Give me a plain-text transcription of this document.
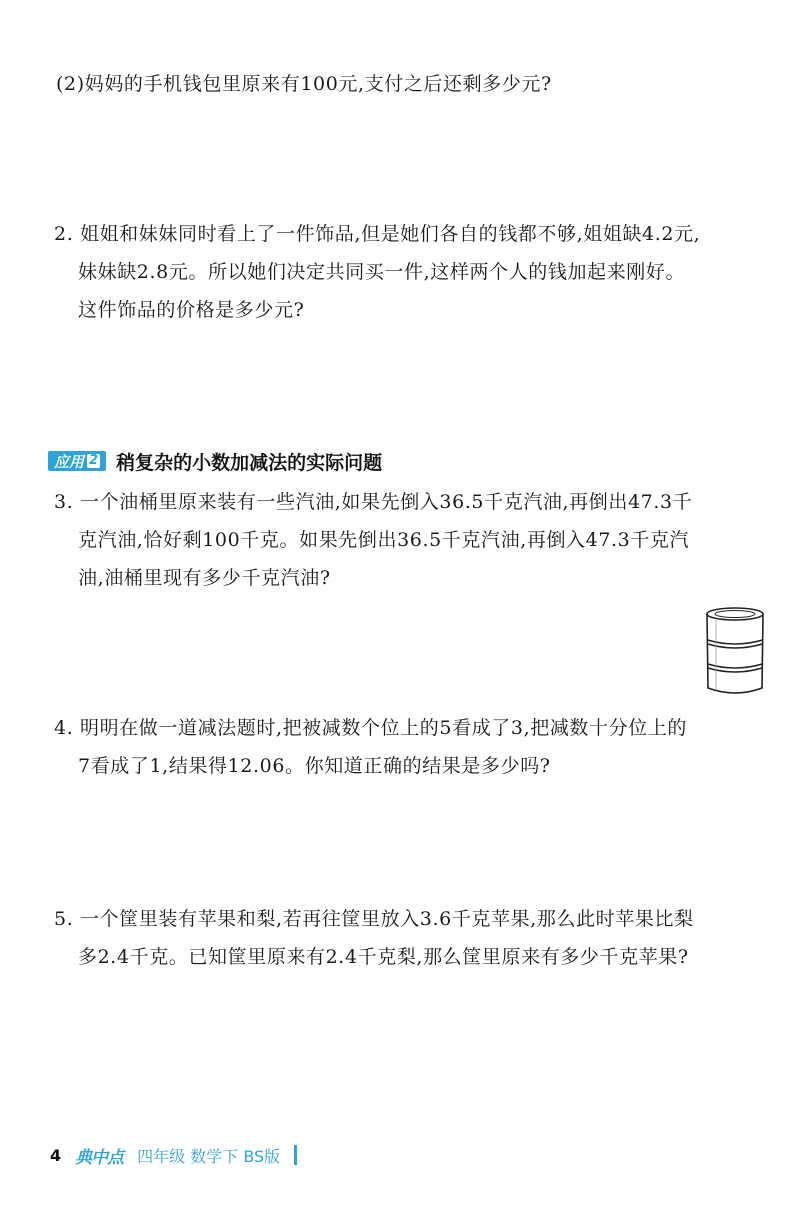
(2)妈妈的手机钱包里原来有100元,支付之后还剩多少元?
2. 姐姐和妹妹同时看上了一件饰品,但是她们各自的钱都不够,姐姐缺4.2元,
妹妹缺2.8元。所以她们决定共同买一件,这样两个人的钱加起来刚好。
这件饰品的价格是多少元?
应用 2 稍复杂的小数加减法的实际问题
3. 一个油桶里原来装有一些汽油,如果先倒入36.5千克汽油,再倒出47.3千
克汽油,恰好剩100千克。如果先倒出36.5千克汽油,再倒入47.3千克汽
油,油桶里现有多少千克汽油?
4. 明明在做一道减法题时,把被减数个位上的5看成了3,把减数十分位上的
7看成了1,结果得12.06。你知道正确的结果是多少吗?
5. 一个筐里装有苹果和梨,若再往筐里放入3.6千克苹果,那么此时苹果比梨
多2.4千克。已知筐里原来有2.4千克梨,那么筐里原来有多少千克苹果?
4 典中点 四年级 数学下 BS版
